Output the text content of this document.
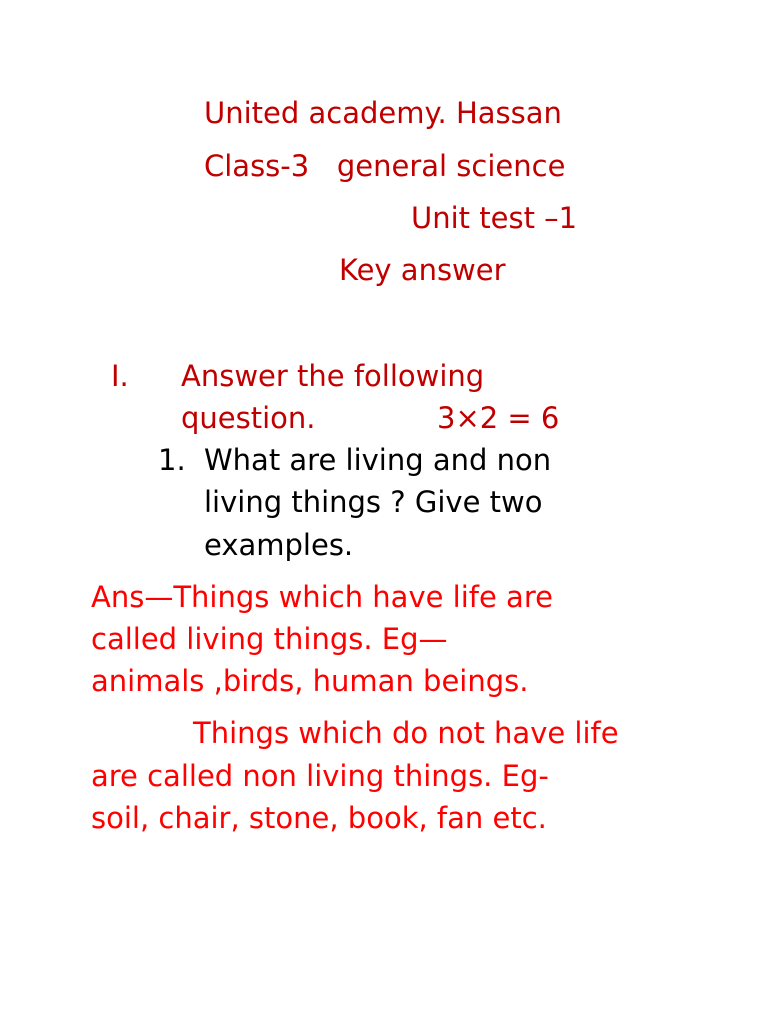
United academy. Hassan

Class-3   general science

Unit test –1

Key answer

I. Answer the following

question.	3×2 = 6

1. What are living and non

living things ? Give two

examples.

Ans—Things which have life are

called living things. Eg—

animals ,birds, human beings.

Things which do not have life

are called non living things. Eg-

soil, chair, stone, book, fan etc.
